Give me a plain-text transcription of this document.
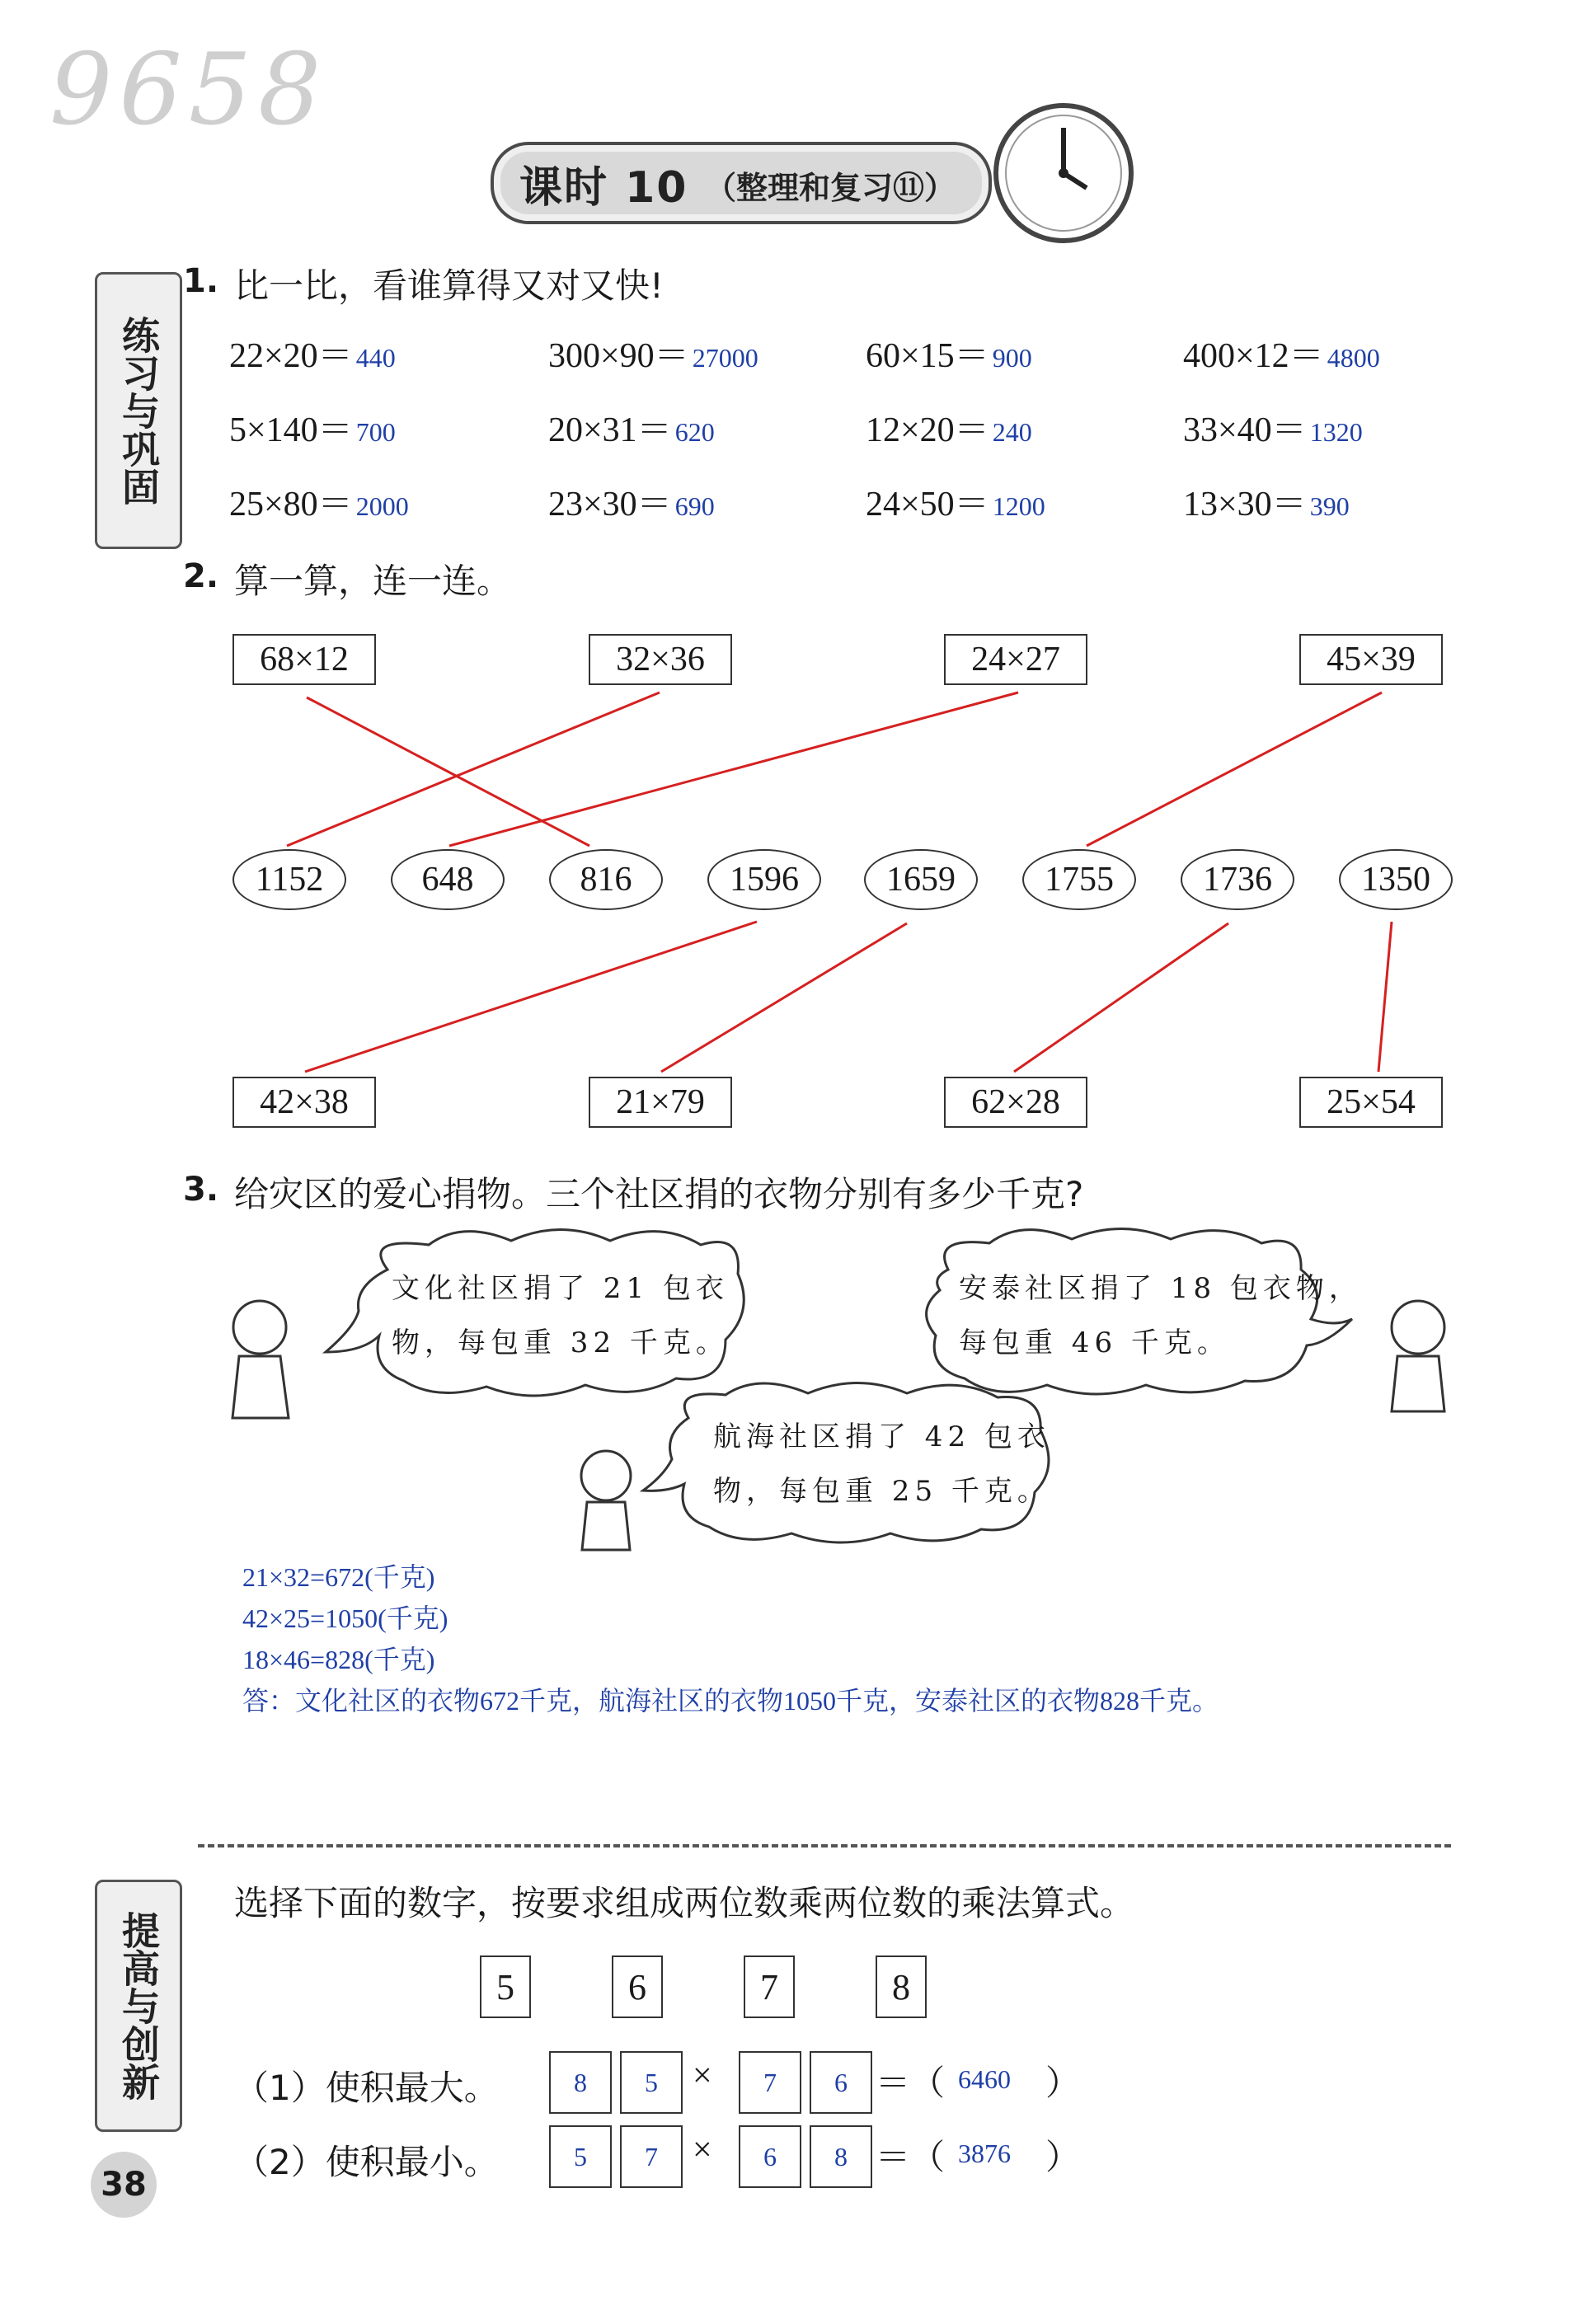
9658
课时 10 （整理和复习⑪）
练习与巩固
1. 比一比，看谁算得又对又快!
22×20＝ 440	300×90＝ 27000	60×15＝ 900	400×12＝ 4800
5×140＝ 700	20×31＝ 620	12×20＝ 240	33×40＝ 1320
25×80＝ 2000	23×30＝ 690	24×50＝ 1200	13×30＝ 390
2. 算一算，连一连。
68×12	32×36	24×27	45×39
1152	648	816	1596	1659	1755	1736	1350
42×38	21×79	62×28	25×54
3. 给灾区的爱心捐物。三个社区捐的衣物分别有多少千克?
文化社区捐了 21 包衣
物，每包重 32 千克。
安泰社区捐了 18 包衣物，
每包重 46 千克。
航海社区捐了 42 包衣
物，每包重 25 千克。
21×32=672(千克)
42×25=1050(千克)
18×46=828(千克)
答：文化社区的衣物672千克，航海社区的衣物1050千克，安泰社区的衣物828千克。
提高与创新
选择下面的数字，按要求组成两位数乘两位数的乘法算式。
5	6	7	8
（1）使积最大。	8	5	×	7	6 ＝（ 6460 ）
（2）使积最小。	5	7	×	6	8 ＝（ 3876 ）
38
